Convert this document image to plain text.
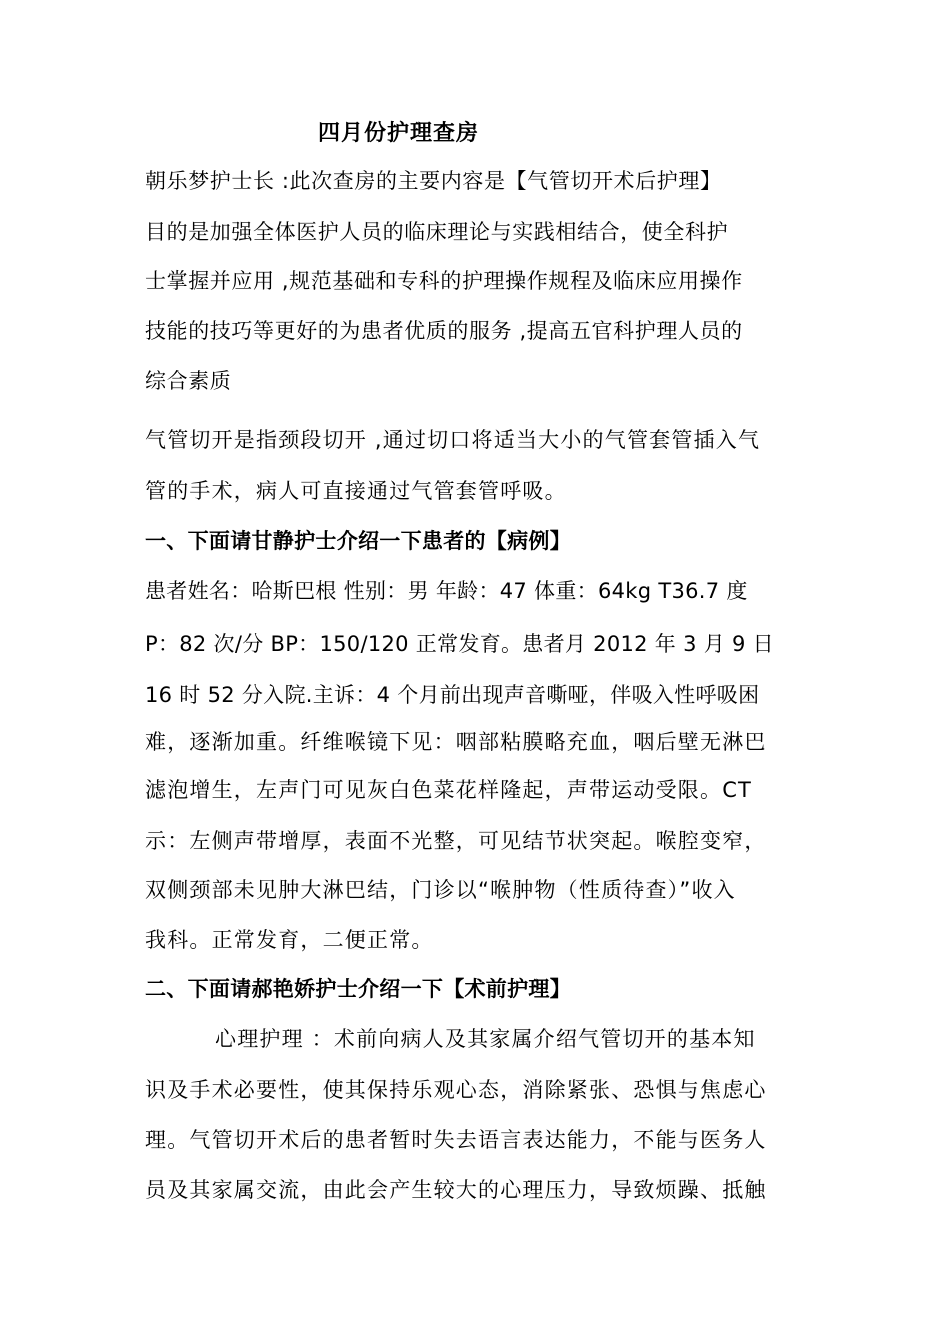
四月份护理查房
朝乐梦护士长 :此次查房的主要内容是【气管切开术后护理】
目的是加强全体医护人员的临床理论与实践相结合，使全科护
士掌握并应用 ,规范基础和专科的护理操作规程及临床应用操作
技能的技巧等更好的为患者优质的服务 ,提高五官科护理人员的
综合素质
气管切开是指颈段切开 ,通过切口将适当大小的气管套管插入气
管的手术，病人可直接通过气管套管呼吸。
一、下面请甘静护士介绍一下患者的【病例】
患者姓名：哈斯巴根 性别：男 年龄：47 体重：64kg T36.7 度
P：82 次/分 BP：150/120 正常发育。患者月 2012 年 3 月 9 日
16 时 52 分入院.主诉：4 个月前出现声音嘶哑，伴吸入性呼吸困
难，逐渐加重。纤维喉镜下见：咽部粘膜略充血，咽后壁无淋巴
滤泡增生，左声门可见灰白色菜花样隆起，声带运动受限。CT
示：左侧声带增厚，表面不光整，可见结节状突起。喉腔变窄，
双侧颈部未见肿大淋巴结，门诊以“喉肿物（性质待查）”收入
我科。正常发育，二便正常。
二、下面请郝艳娇护士介绍一下【术前护理】
心理护理 ：术前向病人及其家属介绍气管切开的基本知
识及手术必要性，使其保持乐观心态，消除紧张、恐惧与焦虑心
理。气管切开术后的患者暂时失去语言表达能力，不能与医务人
员及其家属交流，由此会产生较大的心理压力，导致烦躁、抵触
